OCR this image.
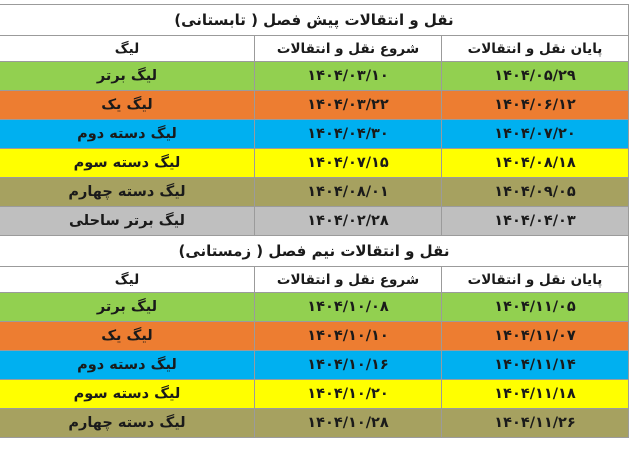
نقل و انتقالات پیش فصل ( تابستانی)		
پایان نقل و انتقالات	شروع نقل و انتقالات	لیگ
۱۴۰۴/۰۵/۲۹	۱۴۰۴/۰۳/۱۰	لیگ برتر
۱۴۰۴/۰۶/۱۲	۱۴۰۴/۰۳/۲۲	لیگ یک
۱۴۰۴/۰۷/۲۰	۱۴۰۴/۰۴/۳۰	لیگ دسته دوم
۱۴۰۴/۰۸/۱۸	۱۴۰۴/۰۷/۱۵	لیگ دسته سوم
۱۴۰۴/۰۹/۰۵	۱۴۰۴/۰۸/۰۱	لیگ دسته چهارم
۱۴۰۴/۰۴/۰۳	۱۴۰۴/۰۲/۲۸	لیگ برتر ساحلی
نقل و انتقالات نیم فصل ( زمستانی)		
پایان نقل و انتقالات	شروع نقل و انتقالات	لیگ
۱۴۰۴/۱۱/۰۵	۱۴۰۴/۱۰/۰۸	لیگ برتر
۱۴۰۴/۱۱/۰۷	۱۴۰۴/۱۰/۱۰	لیگ یک
۱۴۰۴/۱۱/۱۴	۱۴۰۴/۱۰/۱۶	لیگ دسته دوم
۱۴۰۴/۱۱/۱۸	۱۴۰۴/۱۰/۲۰	لیگ دسته سوم
۱۴۰۴/۱۱/۲۶	۱۴۰۴/۱۰/۲۸	لیگ دسته چهارم
